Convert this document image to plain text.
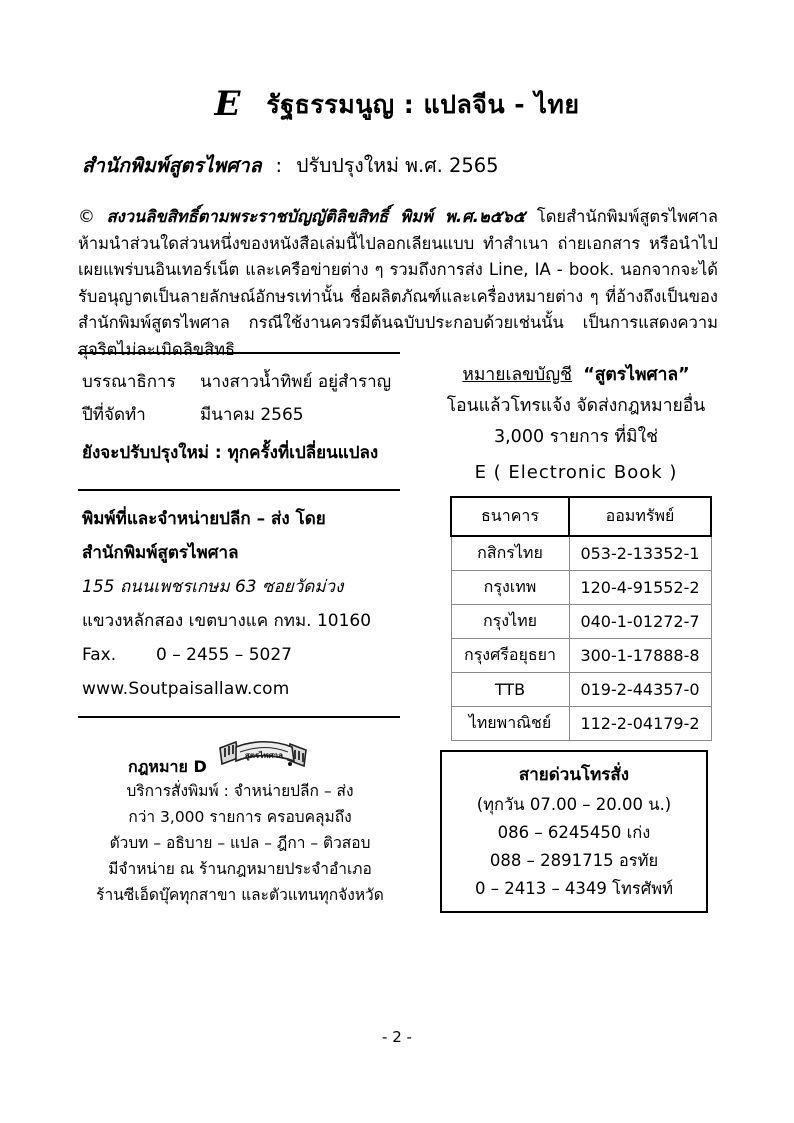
E รัฐธรรมนูญ : แปลจีน - ไทย
สำนักพิมพ์สูตรไพศาล : ปรับปรุงใหม่ พ.ศ. 2565
© สงวนลิขสิทธิ์ตามพระราชบัญญัติลิขสิทธิ์ พิมพ์ พ.ศ.๒๕๖๕ โดยสำนักพิมพ์สูตรไพศาล ห้ามนำส่วนใดส่วนหนึ่งของหนังสือเล่มนี้ไปลอกเลียนแบบ ทำสำเนา ถ่ายเอกสาร หรือนำไปเผยแพร่บนอินเทอร์เน็ต และเครือข่ายต่าง ๆ รวมถึงการส่ง Line, IA - book. นอกจากจะได้รับอนุญาตเป็นลายลักษณ์อักษรเท่านั้น ชื่อผลิตภัณฑ์และเครื่องหมายต่าง ๆ ที่อ้างถึงเป็นของสำนักพิมพ์สูตรไพศาล กรณีใช้งานควรมีต้นฉบับประกอบด้วยเช่นนั้น เป็นการแสดงความสุจริตไม่ละเมิดลิขสิทธิ
บรรณาธิการ นางสาวน้ำทิพย์ อยู่สำราญ
ปีที่จัดทำ	มีนาคม 2565
ยังจะปรับปรุงใหม่ : ทุกครั้งที่เปลี่ยนแปลง
พิมพ์ที่และจำหน่ายปลีก – ส่ง โดย
สำนักพิมพ์สูตรไพศาล
155 ถนนเพชรเกษม 63 ซอยวัดม่วง
แขวงหลักสอง เขตบางแค กทม. 10160
Fax. 0 – 2455 – 5027
www.Soutpaisallaw.com
กฎหมาย D
สูตรไพศาล
บริการสั่งพิมพ์ : จำหน่ายปลีก – ส่ง
กว่า 3,000 รายการ ครอบคลุมถึง
ตัวบท – อธิบาย – แปล – ฎีกา – ติวสอบ
มีจำหน่าย ณ ร้านกฎหมายประจำอำเภอ
ร้านซีเอ็ดบุ๊คทุกสาขา และตัวแทนทุกจังหวัด
หมายเลขบัญชี “สูตรไพศาล”
โอนแล้วโทรแจ้ง จัดส่งกฎหมายอื่น
3,000 รายการ ที่มิใช่
E ( Electronic Book )
ธนาคาร	ออมทรัพย์
กสิกรไทย	053-2-13352-1
กรุงเทพ	120-4-91552-2
กรุงไทย	040-1-01272-7
กรุงศรีอยุธยา	300-1-17888-8
TTB	019-2-44357-0
ไทยพาณิชย์	112-2-04179-2
สายด่วนโทรสั่ง
(ทุกวัน 07.00 – 20.00 น.)
086 – 6245450 เก่ง
088 – 2891715 อรทัย
0 – 2413 – 4349 โทรศัพท์
- 2 -
